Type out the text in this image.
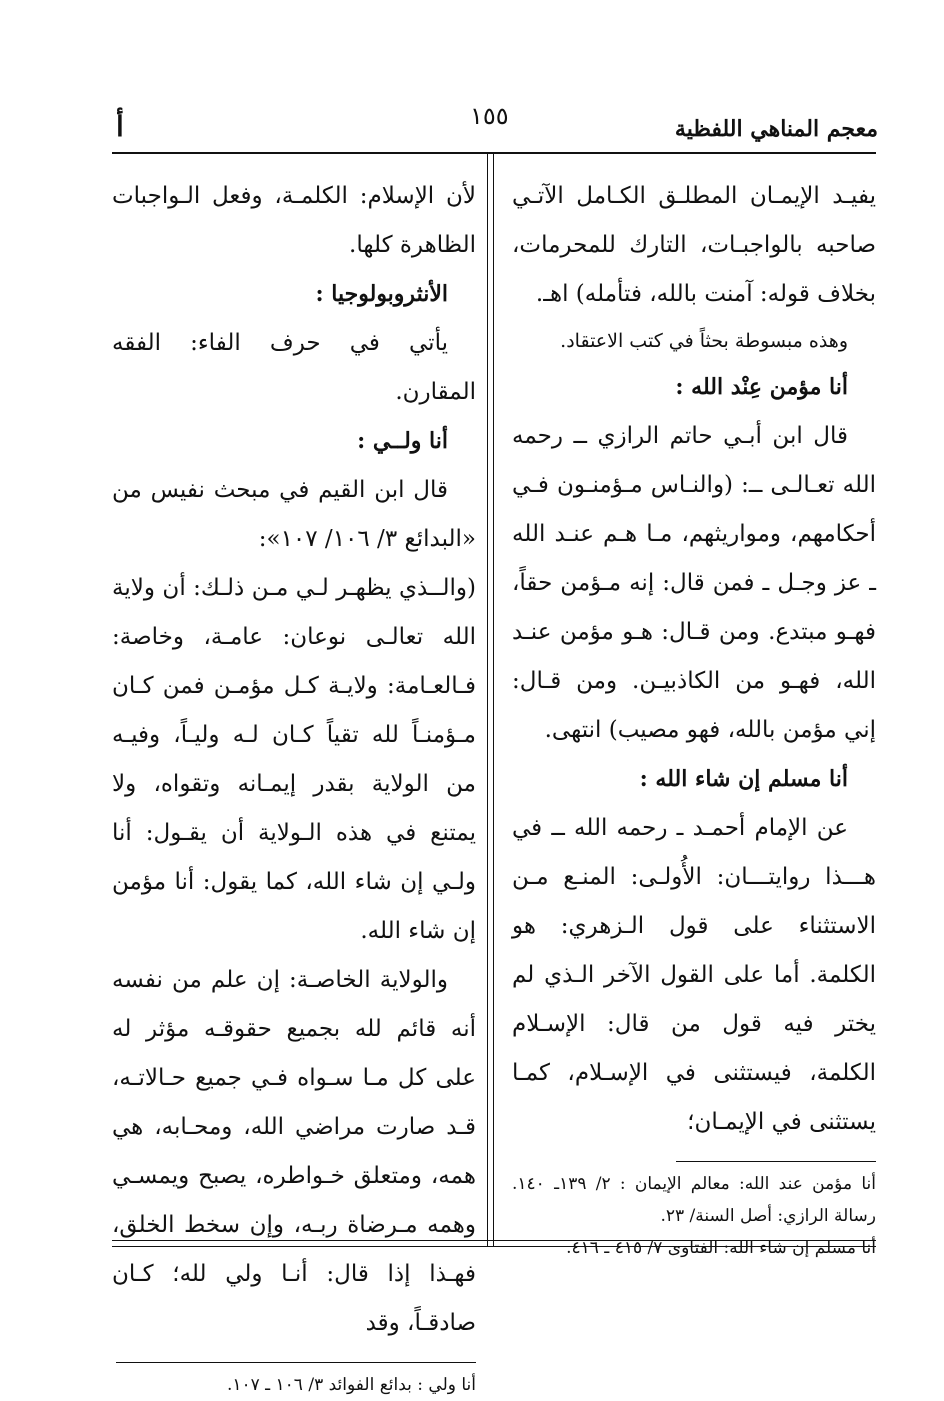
معجم المناهي اللفظية
١٥٥
أ

يفيـد الإيمـان المطلـق الكـامل الآتـي صاحبه بالواجبـات، التارك للمحرمات، بخلاف قوله: آمنت بالله، فتأمله) اهـ.

وهذه مبسوطة بحثاً في كتب الاعتقاد.

أنا مؤمن عِنْد الله :

قال ابن أبـي حاتم الرازي ــ رحمه الله تعـالـى ــ: (والنـاس مـؤمنـون فـي أحكامهم، ومواريثهم، مـا هـم عنـد الله ـ عز وجـل ـ فمن قال: إنه مـؤمن حقاً، فهـو مبتدع. ومن قـال: هـو مؤمن عنـد الله، فهـو من الكاذبيـن. ومن قـال: إني مؤمن بالله، فهو مصيب) انتهى.

أنا مسلم إن شاء الله :

عن الإمام أحمـد ـ رحمه الله ــ في هـــذا روايتـــان: الأُولـى: المنـع مـن الاستثناء على قول الـزهري: هو الكلمة. أما على القول الآخر الـذي لم يختر فيه قول من قال: الإسـلام الكلمة، فيستثنى في الإسـلام، كمـا يستثنى في الإيمـان؛

أنا مؤمن عند الله: معالم الإيمان : ٢/ ١٣٩ـ ١٤٠. رسالة الرازي: أصل السنة/ ٢٣.

أنا مسلم إن شاء الله: الفتاوى ٧/ ٤١٥ ـ ٤١٦.

لأن الإسلام: الكلمـة، وفعل الـواجبات الظاهرة كلها.

الأنثروبولوجيا :

يأتي في حرف الفاء: الفقه المقارن.

أنا ولــي :

قال ابن القيم في مبحث نفيس من «البدائع ٣/ ١٠٦/ ١٠٧»:

(والــذي يظهـر لـي مـن ذلـك: أن ولاية الله تعالـى نوعان: عامـة، وخاصة: فـالعـامة: ولايـة كـل مؤمـن فمن كـان مـؤمنـاً لله تقياً كـان لـه وليـاً، وفيـه من الولاية بقدر إيمـانه وتقواه، ولا يمتنع في هذه الـولاية أن يقـول: أنا ولـي إن شاء الله، كما يقول: أنا مؤمن إن شاء الله.

والولاية الخاصـة: إن علم من نفسه أنه قائم لله بجميع حقوقـه مؤثر له على كل مـا سـواه فـي جميع حـالاتـه، قـد صارت مراضي الله، ومحـابه، هي همه، ومتعلق خـواطره، يصبح ويمسـي وهمه مـرضاة ربـه، وإن سخط الخلق، فهـذا إذا قال: أنـا ولي لله؛ كـان صادقـاً، وقد

أنا ولي : بدائع الفوائد ٣/ ١٠٦ ـ ١٠٧.
